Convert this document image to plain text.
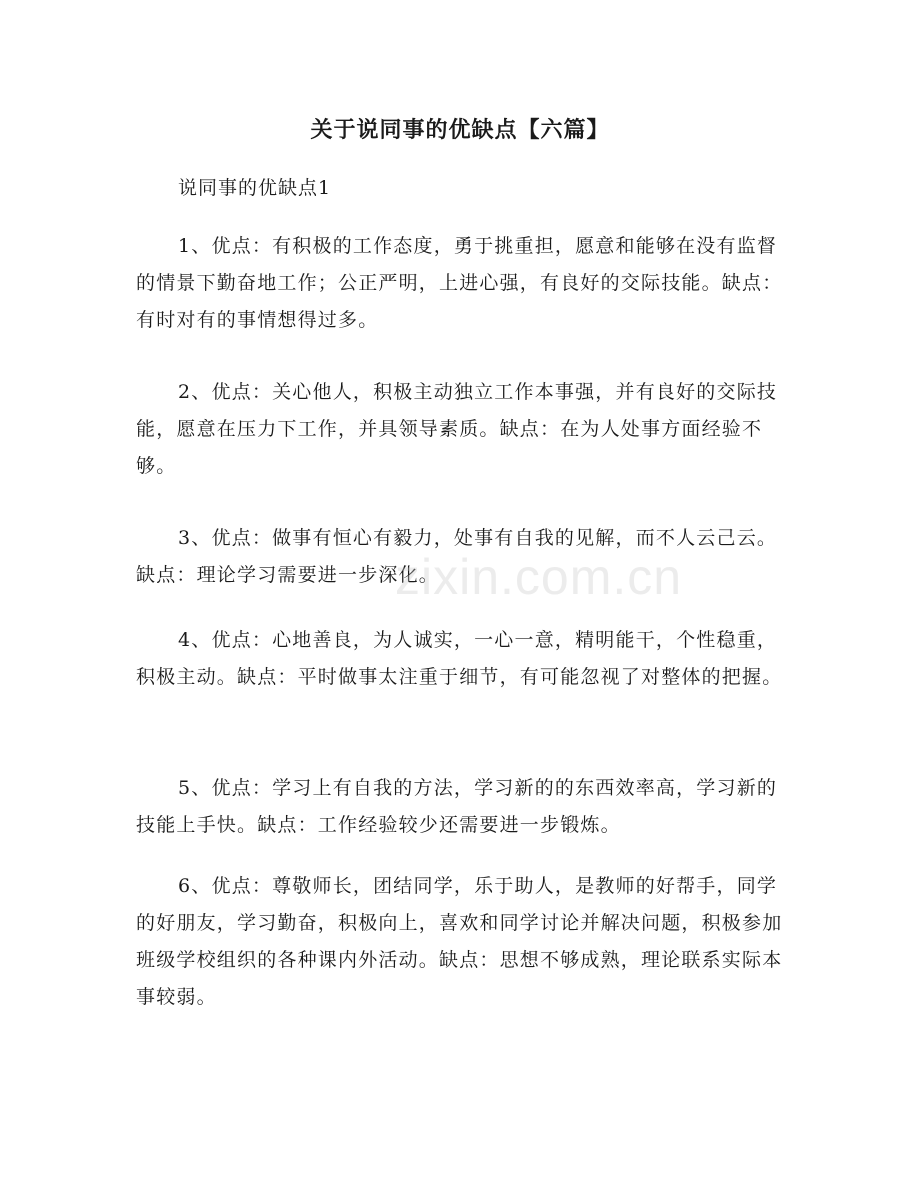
关于说同事的优缺点【六篇】
说同事的优缺点1

1、优点：有积极的工作态度，勇于挑重担，愿意和能够在没有监督的情景下勤奋地工作；公正严明，上进心强，有良好的交际技能。缺点：有时对有的事情想得过多。

2、优点：关心他人，积极主动独立工作本事强，并有良好的交际技能，愿意在压力下工作，并具领导素质。缺点：在为人处事方面经验不够。

3、优点：做事有恒心有毅力，处事有自我的见解，而不人云己云。缺点：理论学习需要进一步深化。

4、优点：心地善良，为人诚实，一心一意，精明能干，个性稳重，积极主动。缺点：平时做事太注重于细节，有可能忽视了对整体的把握。

5、优点：学习上有自我的方法，学习新的的东西效率高，学习新的技能上手快。缺点：工作经验较少还需要进一步锻炼。

6、优点：尊敬师长，团结同学，乐于助人，是教师的好帮手，同学的好朋友，学习勤奋，积极向上，喜欢和同学讨论并解决问题，积极参加班级学校组织的各种课内外活动。缺点：思想不够成熟，理论联系实际本事较弱。

zixin.com.cn
